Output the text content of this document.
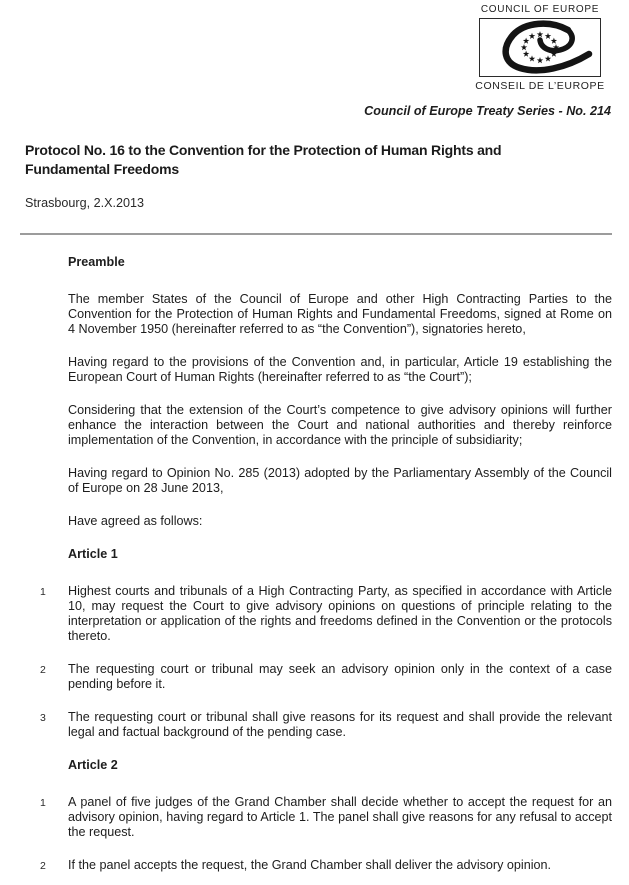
COUNCIL OF EUROPE
CONSEIL DE L’EUROPE
Council of Europe Treaty Series - No. 214
Protocol No. 16 to the Convention for the Protection of Human Rights and Fundamental Freedoms
Strasbourg, 2.X.2013
Preamble

The member States of the Council of Europe and other High Contracting Parties to the Convention for the Protection of Human Rights and Fundamental Freedoms, signed at Rome on 4 November 1950 (hereinafter referred to as “the Convention”), signatories hereto,

Having regard to the provisions of the Convention and, in particular, Article 19 establishing the European Court of Human Rights (hereinafter referred to as “the Court”);

Considering that the extension of the Court’s competence to give advisory opinions will further enhance the interaction between the Court and national authorities and thereby reinforce implementation of the Convention, in accordance with the principle of subsidiarity;

Having regard to Opinion No. 285 (2013) adopted by the Parliamentary Assembly of the Council of Europe on 28 June 2013,

Have agreed as follows:

Article 1
1 Highest courts and tribunals of a High Contracting Party, as specified in accordance with Article 10, may request the Court to give advisory opinions on questions of principle relating to the interpretation or application of the rights and freedoms defined in the Convention or the protocols thereto.

2 The requesting court or tribunal may seek an advisory opinion only in the context of a case pending before it.

3 The requesting court or tribunal shall give reasons for its request and shall provide the relevant legal and factual background of the pending case.

Article 2
1 A panel of five judges of the Grand Chamber shall decide whether to accept the request for an advisory opinion, having regard to Article 1. The panel shall give reasons for any refusal to accept the request.

2 If the panel accepts the request, the Grand Chamber shall deliver the advisory opinion.
